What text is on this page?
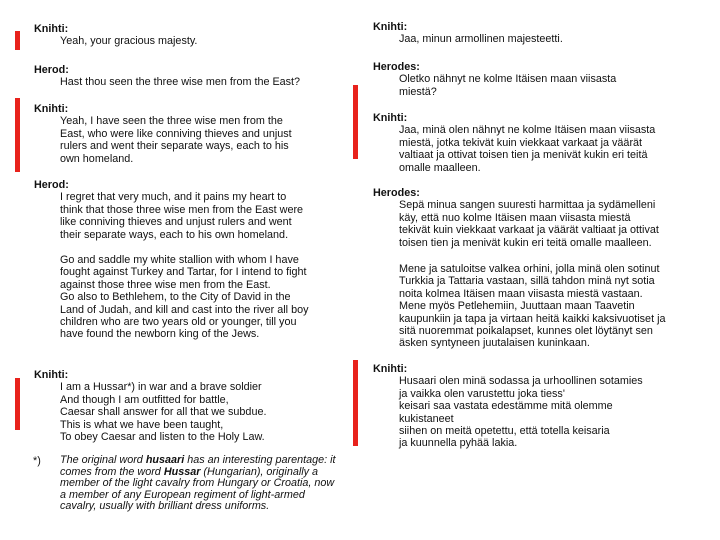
Knihti:
Yeah, your gracious majesty.
Herod:
Hast thou seen the three wise men from the East?
Knihti:
Yeah, I have seen the three wise men from the
East, who were like conniving thieves and unjust
rulers and went their separate ways, each to his
own homeland.
Herod:
I regret that very much, and it pains my heart to
think that those three wise men from the East were
like conniving thieves and unjust rulers and went
their separate ways, each to his own homeland.
Go and saddle my white stallion with whom I have
fought against Turkey and Tartar, for I intend to fight
against those three wise men from the East.
Go also to Bethlehem, to the City of David in the
Land of Judah, and kill and cast into the river all boy
children who are two years old or younger, till you
have found the newborn king of the Jews.
Knihti:
I am a Hussar*) in war and a brave soldier
And though I am outfitted for battle,
Caesar shall answer for all that we subdue.
This is what we have been taught,
To obey Caesar and listen to the Holy Law.
*) The original word husaari has an interesting parentage: it comes from the word Hussar (Hungarian), originally a member of the light cavalry from Hungary or Croatia, now a member of any European regiment of light-armed cavalry, usually with brilliant dress uniforms.
Knihti:
Jaa, minun armollinen majesteetti.
Herodes:
Oletko nähnyt ne kolme Itäisen maan viisasta
miestä?
Knihti:
Jaa, minä olen nähnyt ne kolme Itäisen maan viisasta
miestä, jotka tekivät kuin viekkaat varkaat ja väärät
valtiaat ja ottivat toisen tien ja menivät kukin eri teitä
omalle maalleen.
Herodes:
Sepä minua sangen suuresti harmittaa ja sydämelleni
käy, että nuo kolme Itäisen maan viisasta miestä
tekivät kuin viekkaat varkaat ja väärät valtiaat ja ottivat
toisen tien ja menivät kukin eri teitä omalle maalleen.
Mene ja satuloitse valkea orhini, jolla minä olen sotinut
Turkkia ja Tattaria vastaan, sillä tahdon minä nyt sotia
noita kolmea Itäisen maan viisasta miestä vastaan.
Mene myös Petlehemiin, Juuttaan maan Taavetin
kaupunkiin ja tapa ja virtaan heitä kaikki kaksivuotiset ja
sitä nuoremmat poikalapset, kunnes olet löytänyt sen
äsken syntyneen juutalaisen kuninkaan.
Knihti:
Husaari olen minä sodassa ja urhoollinen sotamies
ja vaikka olen varustettu joka tiess'
keisari saa vastata edestämme mitä olemme
kukistaneet
siihen on meitä opetettu, että totella keisaria
ja kuunnella pyhää lakia.
